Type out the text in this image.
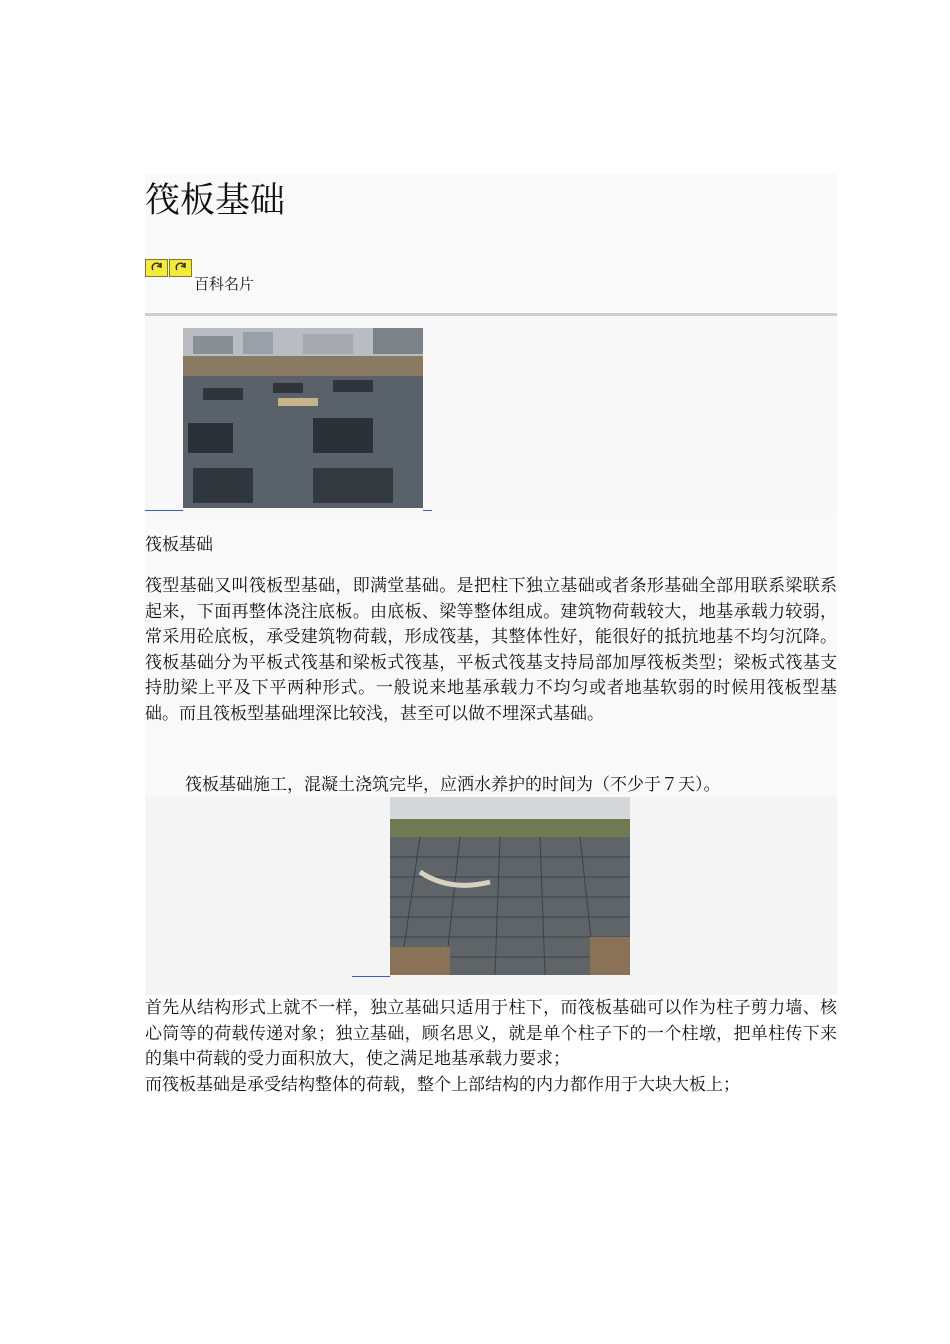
筏板基础
百科名片
筏板基础

筏型基础又叫筏板型基础，即满堂基础。是把柱下独立基础或者条形基础全部用联系梁联系起来，下面再整体浇注底板。由底板、梁等整体组成。建筑物荷载较大，地基承载力较弱，常采用砼底板，承受建筑物荷载，形成筏基，其整体性好，能很好的抵抗地基不均匀沉降。筏板基础分为平板式筏基和梁板式筏基，平板式筏基支持局部加厚筏板类型；梁板式筏基支持肋梁上平及下平两种形式。一般说来地基承载力不均匀或者地基软弱的时候用筏板型基础。而且筏板型基础埋深比较浅，甚至可以做不埋深式基础。

筏板基础施工，混凝土浇筑完毕，应洒水养护的时间为（不少于７天）。

首先从结构形式上就不一样，独立基础只适用于柱下，而筏板基础可以作为柱子剪力墙、核心筒等的荷载传递对象；独立基础，顾名思义，就是单个柱子下的一个柱墩，把单柱传下来的集中荷载的受力面积放大，使之满足地基承载力要求；

而筏板基础是承受结构整体的荷载，整个上部结构的内力都作用于大块大板上；
